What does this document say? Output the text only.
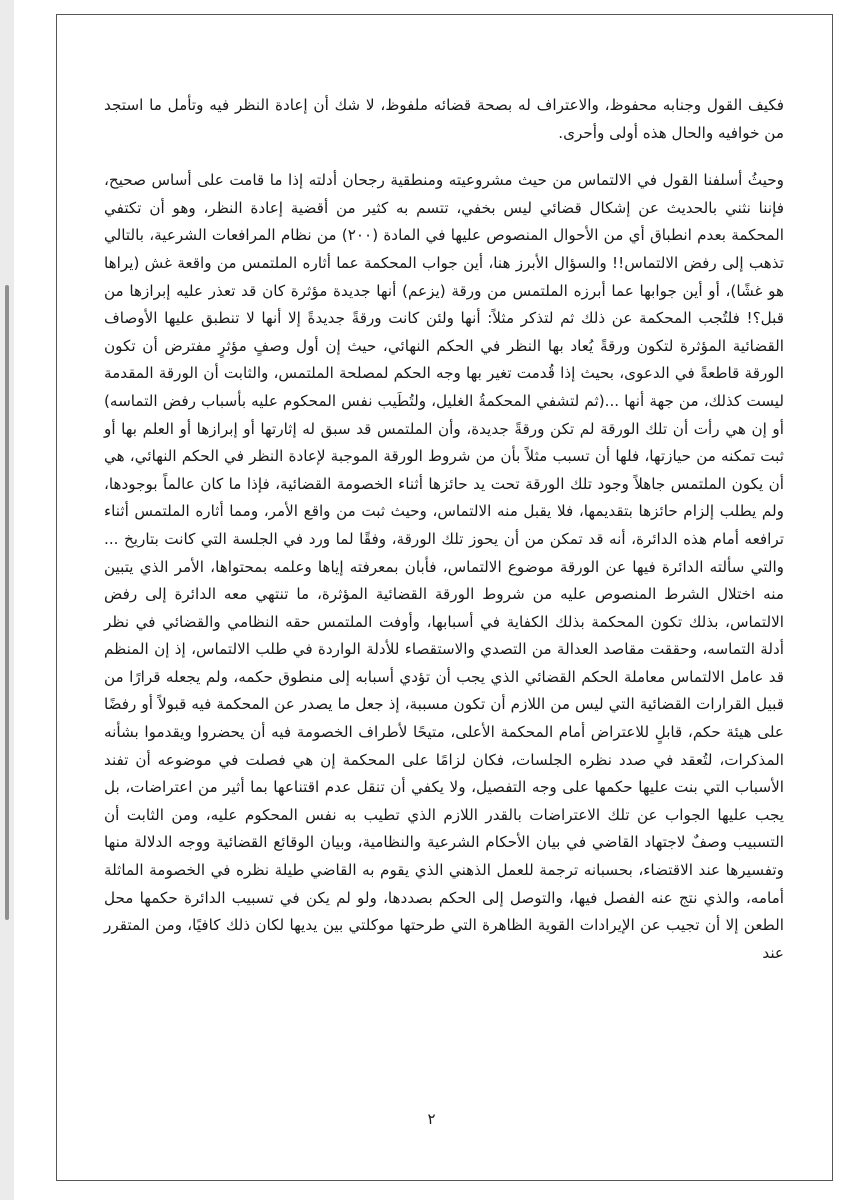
فكيف القول وجنابه محفوظ، والاعتراف له بصحة قضائه ملفوظ، لا شك أن إعادة النظر فيه وتأمل ما استجد من خوافيه والحال هذه أولى وأحرى.

وحيثُ أسلفنا القول في الالتماس من حيث مشروعيته ومنطقية رجحان أدلته إذا ما قامت على أساس صحيح، فإننا نثني بالحديث عن إشكال قضائي ليس بخفي، تتسم به كثير من أقضية إعادة النظر، وهو أن تكتفي المحكمة بعدم انطباق أي من الأحوال المنصوص عليها في المادة (٢٠٠) من نظام المرافعات الشرعية، بالتالي تذهب إلى رفض الالتماس!! والسؤال الأبرز هنا، أين جواب المحكمة عما أثاره الملتمس من واقعة غش (يراها هو غشًا)، أو أين جوابها عما أبرزه الملتمس من ورقة (يزعم) أنها جديدة مؤثرة كان قد تعذر عليه إبرازها من قبل؟! فلتُجب المحكمة عن ذلك ثم لتذكر مثلاً: أنها ولئن كانت ورقةً جديدةً إلا أنها لا تنطبق عليها الأوصاف القضائية المؤثرة لتكون ورقةً يُعاد بها النظر في الحكم النهائي، حيث إن أول وصفٍ مؤثرٍ مفترض أن تكون الورقة قاطعةً في الدعوى، بحيث إذا قُدمت تغير بها وجه الحكم لمصلحة الملتمس، والثابت أن الورقة المقدمة ليست كذلك، من جهة أنها ...(ثم لتشفي المحكمةُ الغليل، ولتُطَيب نفس المحكوم عليه بأسباب رفض التماسه) أو إن هي رأت أن تلك الورقة لم تكن ورقةً جديدة، وأن الملتمس قد سبق له إثارتها أو إبرازها أو العلم بها أو ثبت تمكنه من حيازتها، فلها أن تسبب مثلاً بأن من شروط الورقة الموجبة لإعادة النظر في الحكم النهائي، هي أن يكون الملتمس جاهلاً وجود تلك الورقة تحت يد حائزها أثناء الخصومة القضائية، فإذا ما كان عالماً بوجودها، ولم يطلب إلزام حائزها بتقديمها، فلا يقبل منه الالتماس، وحيث ثبت من واقع الأمر، ومما أثاره الملتمس أثناء ترافعه أمام هذه الدائرة، أنه قد تمكن من أن يحوز تلك الورقة، وفقًا لما ورد في الجلسة التي كانت بتاريخ ... والتي سألته الدائرة فيها عن الورقة موضوع الالتماس، فأبان بمعرفته إياها وعلمه بمحتواها، الأمر الذي يتبين منه اختلال الشرط المنصوص عليه من شروط الورقة القضائية المؤثرة، ما تنتهي معه الدائرة إلى رفض الالتماس، بذلك تكون المحكمة بذلك الكفاية في أسبابها، وأوفت الملتمس حقه النظامي والقضائي في نظر أدلة التماسه، وحققت مقاصد العدالة من التصدي والاستقصاء للأدلة الواردة في طلب الالتماس، إذ إن المنظم قد عامل الالتماس معاملة الحكم القضائي الذي يجب أن تؤدي أسبابه إلى منطوق حكمه، ولم يجعله قرارًا من قبيل القرارات القضائية التي ليس من اللازم أن تكون مسببة، إذ جعل ما يصدر عن المحكمة فيه قبولاً أو رفضًا على هيئة حكم، قابلٍ للاعتراض أمام المحكمة الأعلى، متيحًا لأطراف الخصومة فيه أن يحضروا ويقدموا بشأنه المذكرات، لتُعقد في صدد نظره الجلسات، فكان لزامًا على المحكمة إن هي فصلت في موضوعه أن تفند الأسباب التي بنت عليها حكمها على وجه التفصيل، ولا يكفي أن تنقل عدم اقتناعها بما أثير من اعتراضات، بل يجب عليها الجواب عن تلك الاعتراضات بالقدر اللازم الذي تطيب به نفس المحكوم عليه، ومن الثابت أن التسبيب وصفٌ لاجتهاد القاضي في بيان الأحكام الشرعية والنظامية، وبيان الوقائع القضائية ووجه الدلالة منها وتفسيرها عند الاقتضاء، بحسبانه ترجمة للعمل الذهني الذي يقوم به القاضي طيلة نظره في الخصومة الماثلة أمامه، والذي نتج عنه الفصل فيها، والتوصل إلى الحكم بصددها، ولو لم يكن في تسبيب الدائرة حكمها محل الطعن إلا أن تجيب عن الإيرادات القوية الظاهرة التي طرحتها موكلتي بين يديها لكان ذلك كافيًا، ومن المتقرر عند

٢
